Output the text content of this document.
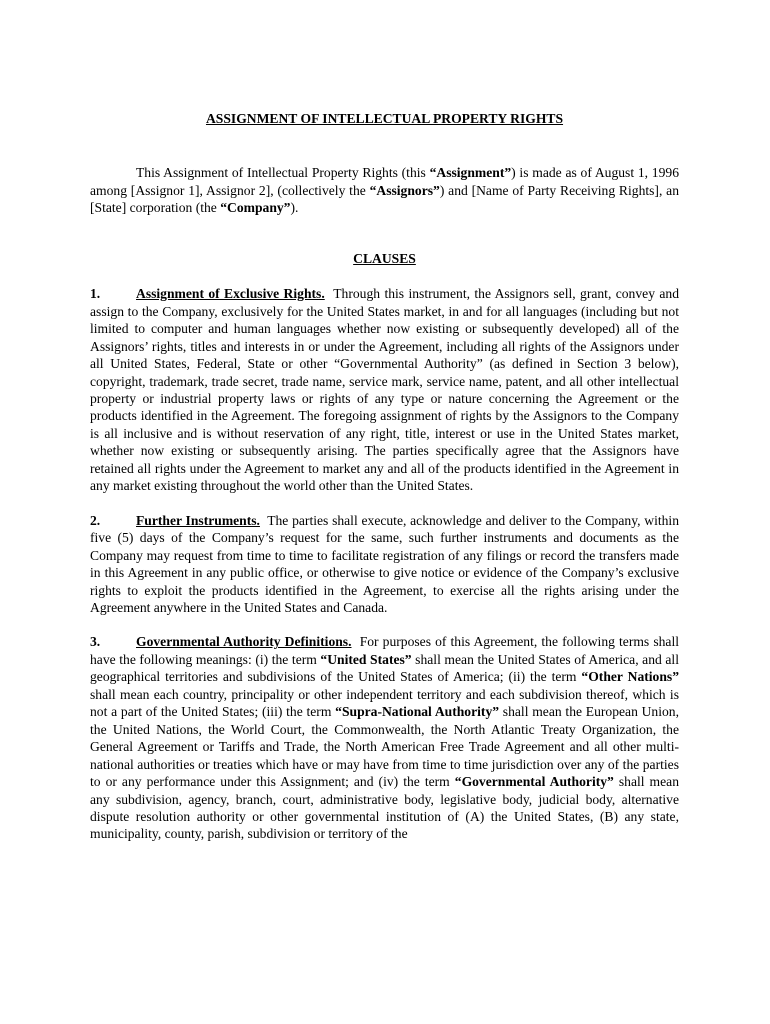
ASSIGNMENT OF INTELLECTUAL PROPERTY RIGHTS

This Assignment of Intellectual Property Rights (this “Assignment”) is made as of August 1, 1996 among [Assignor 1], Assignor 2], (collectively the “Assignors”) and [Name of Party Receiving Rights], an [State] corporation (the “Company”).

CLAUSES

1.	Assignment of Exclusive Rights. Through this instrument, the Assignors sell, grant, convey and assign to the Company, exclusively for the United States market, in and for all languages (including but not limited to computer and human languages whether now existing or subsequently developed) all of the Assignors’ rights, titles and interests in or under the Agreement, including all rights of the Assignors under all United States, Federal, State or other “Governmental Authority” (as defined in Section 3 below), copyright, trademark, trade secret, trade name, service mark, service name, patent, and all other intellectual property or industrial property laws or rights of any type or nature concerning the Agreement or the products identified in the Agreement. The foregoing assignment of rights by the Assignors to the Company is all inclusive and is without reservation of any right, title, interest or use in the United States market, whether now existing or subsequently arising. The parties specifically agree that the Assignors have retained all rights under the Agreement to market any and all of the products identified in the Agreement in any market existing throughout the world other than the United States.

2.	Further Instruments. The parties shall execute, acknowledge and deliver to the Company, within five (5) days of the Company’s request for the same, such further instruments and documents as the Company may request from time to time to facilitate registration of any filings or record the transfers made in this Agreement in any public office, or otherwise to give notice or evidence of the Company’s exclusive rights to exploit the products identified in the Agreement, to exercise all the rights arising under the Agreement anywhere in the United States and Canada.

3.	Governmental Authority Definitions. For purposes of this Agreement, the following terms shall have the following meanings: (i) the term “United States” shall mean the United States of America, and all geographical territories and subdivisions of the United States of America; (ii) the term “Other Nations” shall mean each country, principality or other independent territory and each subdivision thereof, which is not a part of the United States; (iii) the term “Supra-National Authority” shall mean the European Union, the United Nations, the World Court, the Commonwealth, the North Atlantic Treaty Organization, the General Agreement or Tariffs and Trade, the North American Free Trade Agreement and all other multi-national authorities or treaties which have or may have from time to time jurisdiction over any of the parties to or any performance under this Assignment; and (iv) the term “Governmental Authority” shall mean any subdivision, agency, branch, court, administrative body, legislative body, judicial body, alternative dispute resolution authority or other governmental institution of (A) the United States, (B) any state, municipality, county, parish, subdivision or territory of the
